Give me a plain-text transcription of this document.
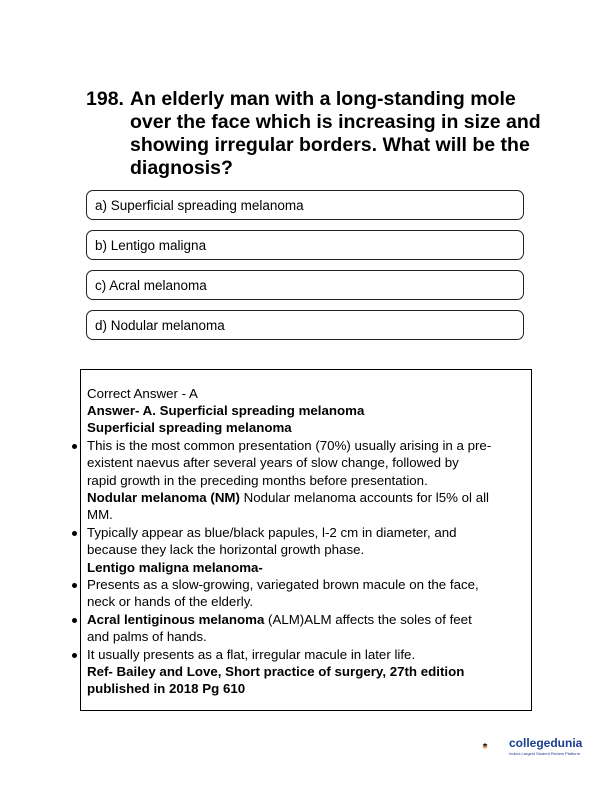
198. An elderly man with a long-standing mole over the face which is increasing in size and showing irregular borders. What will be the diagnosis?
a) Superficial spreading melanoma
b) Lentigo maligna
c) Acral melanoma
d) Nodular melanoma
Correct Answer - A
Answer- A. Superficial spreading melanoma
Superficial spreading melanoma
This is the most common presentation (70%) usually arising in a pre-
existent naevus after several years of slow change, followed by
rapid growth in the preceding months before presentation.
Nodular melanoma (NM) Nodular melanoma accounts for l5% ol all
MM.
Typically appear as blue/black papules, l-2 cm in diameter, and
because they lack the horizontal growth phase.
Lentigo maligna melanoma-
Presents as a slow-growing, variegated brown macule on the face,
neck or hands of the elderly.
Acral lentiginous melanoma (ALM)ALM affects the soles of feet
and palms of hands.
It usually presents as a flat, irregular macule in later life.
Ref- Bailey and Love, Short practice of surgery, 27th edition
published in 2018 Pg 610
collegedunia
India's Largest Student Review Platform
